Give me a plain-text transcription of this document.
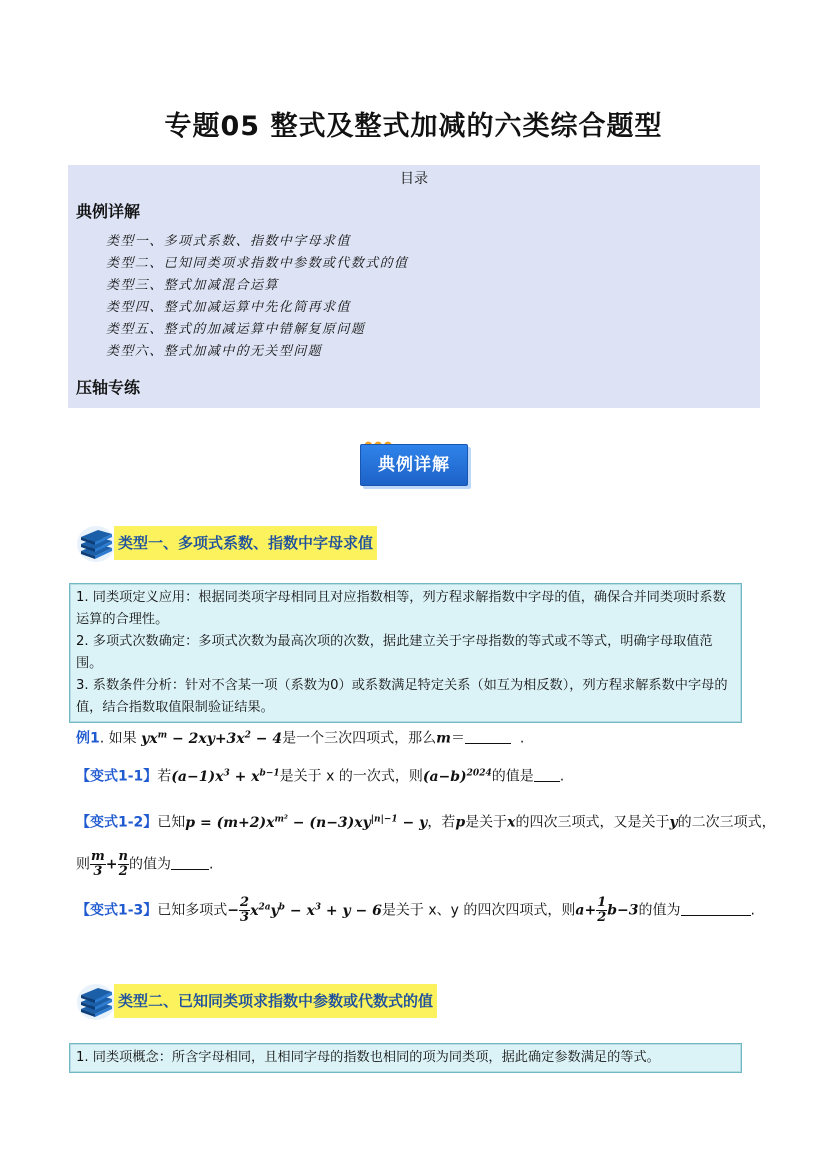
专题05 整式及整式加减的六类综合题型
目录
典例详解
类型一、多项式系数、指数中字母求值
类型二、已知同类项求指数中参数或代数式的值
类型三、整式加减混合运算
类型四、整式加减运算中先化简再求值
类型五、整式的加减运算中错解复原问题
类型六、整式加减中的无关型问题
压轴专练
典例详解
类型一、多项式系数、指数中字母求值
1. 同类项定义应用：根据同类项字母相同且对应指数相等，列方程求解指数中字母的值，确保合并同类项时系数运算的合理性。
2. 多项式次数确定：多项式次数为最高次项的次数，据此建立关于字母指数的等式或不等式，明确字母取值范围。
3. 系数条件分析：针对不含某一项（系数为0）或系数满足特定关系（如互为相反数），列方程求解系数中字母的值，结合指数取值限制验证结果。
例1. 如果 $yx^m - 2xy+3x^2 - 4$是一个三次四项式，那么m＝	.
【变式1-1】若$(a-1)x^3 + x^{b-1}$是关于 x 的一次式，则$(a-b)^{2024}$的值是 .
【变式1-2】已知$p = (m+2)x^{m^2} - (n-3)xy^{|n|-1} - y$，若p是关于x的四次三项式，又是关于y的二次三项式，
则 $\frac{m}{3} + \frac{n}{2}$ 的值为	.
【变式1-3】已知多项式− $\frac{2}{3} x^{2a}y^b - x^3 + y - 6$是关于 x、y 的四次四项式，则$a+ \frac{1}{2} b-3$的值为	.
类型二、已知同类项求指数中参数或代数式的值
1. 同类项概念：所含字母相同，且相同字母的指数也相同的项为同类项，据此确定参数满足的等式。
